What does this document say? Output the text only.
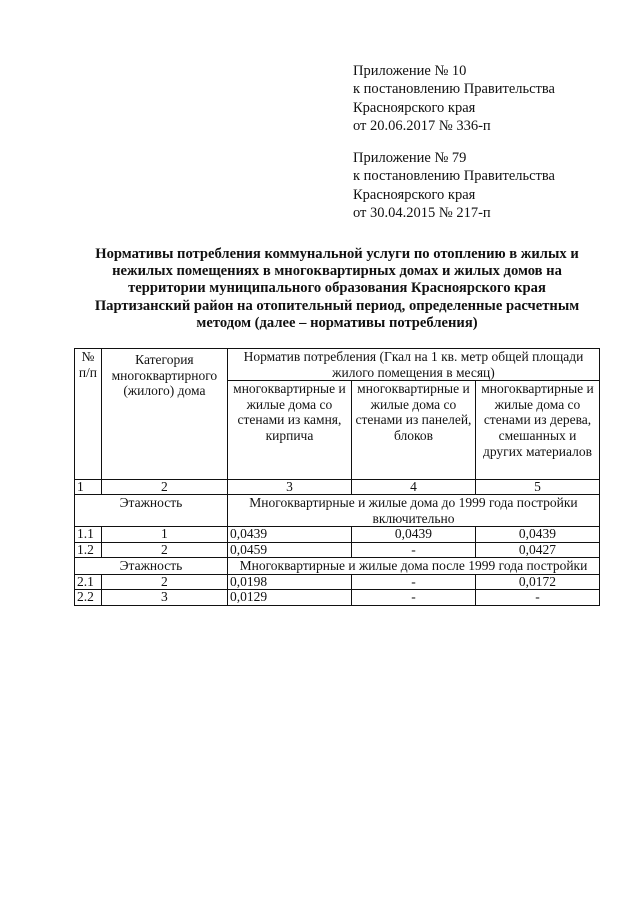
Приложение № 10
к постановлению Правительства
Красноярского края
от 20.06.2017 № 336-п
Приложение № 79
к постановлению Правительства
Красноярского края
от 30.04.2015 № 217-п
Нормативы потребления коммунальной услуги по отоплению в жилых и
нежилых помещениях в многоквартирных домах и жилых домов на
территории муниципального образования Красноярского края
Партизанский район на отопительный период, определенные расчетным
методом (далее – нормативы потребления)
№ п/п	Категория многоквартирного (жилого) дома	Норматив потребления (Гкал на 1 кв. метр общей площади жилого помещения в месяц)		
		многоквартирные и жилые дома со стенами из камня, кирпича	многоквартирные и жилые дома со стенами из панелей, блоков	многоквартирные и жилые дома со стенами из дерева, смешанных и других материалов
1	2	3	4	5
Этажность		Многоквартирные и жилые дома до 1999 года постройки включительно		
1.1	1	0,0439	0,0439	0,0439
1.2	2	0,0459	-	0,0427
Этажность		Многоквартирные и жилые дома после 1999 года постройки		
2.1	2	0,0198	-	0,0172
2.2	3	0,0129	-	-
